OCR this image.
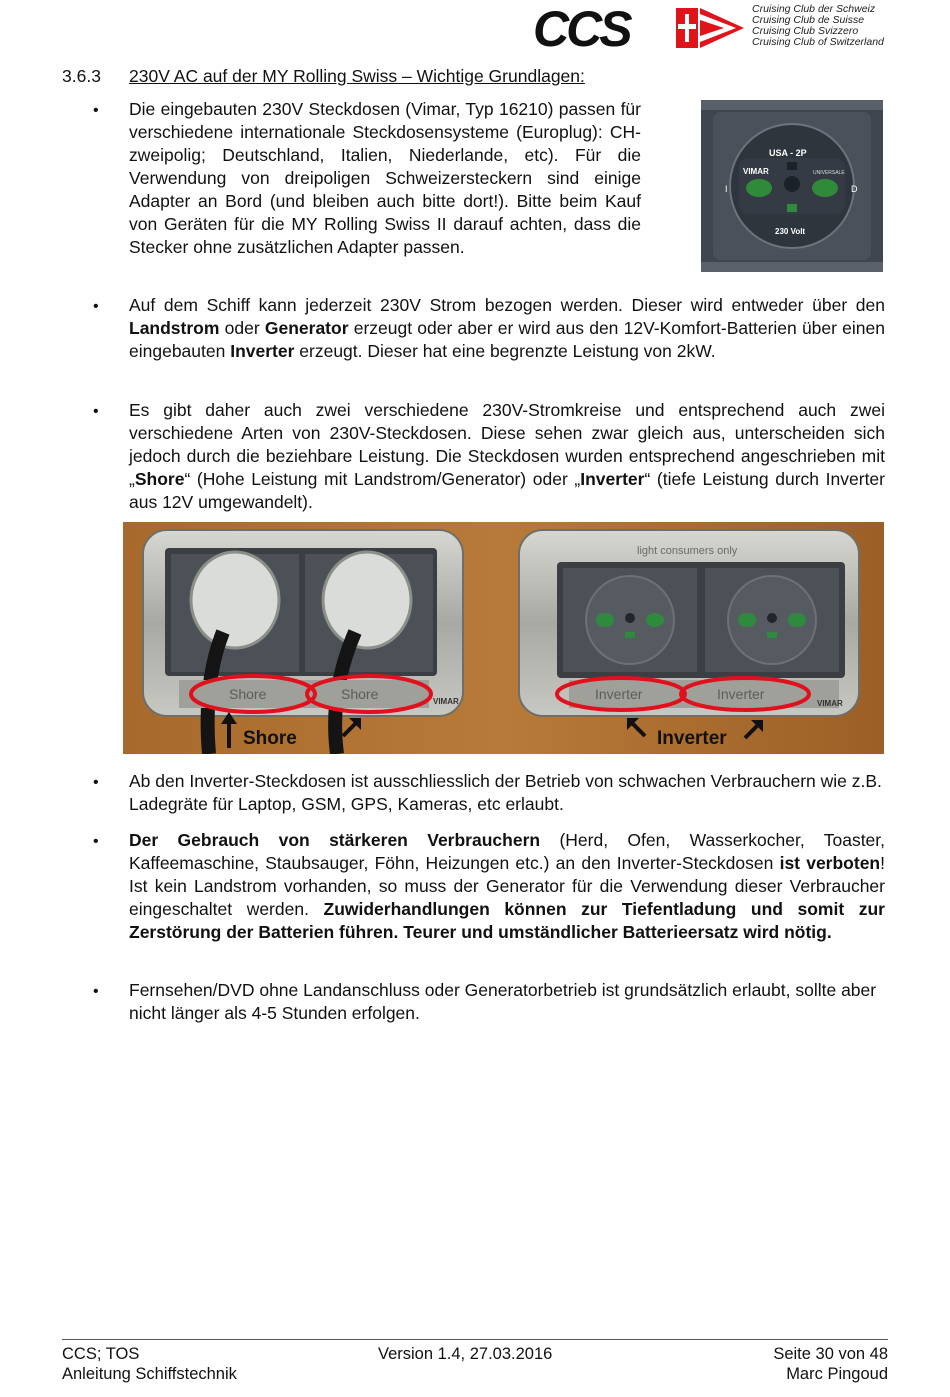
CCS	Cruising Club der Schweiz
Cruising Club de Suisse
Cruising Club Svizzero
Cruising Club of Switzerland
3.6.3 230V AC auf der MY Rolling Swiss – Wichtige Grundlagen:
• Die eingebauten 230V Steckdosen (Vimar, Typ 16210) passen für verschiedene internationale Steckdosensysteme (Europlug): CH-zweipolig; Deutschland, Italien, Niederlande, etc). Für die Verwendung von dreipoligen Schweizersteckern sind einige Adapter an Bord (und bleiben auch bitte dort!). Bitte beim Kauf von Geräten für die MY Rolling Swiss II darauf achten, dass die Stecker ohne zusätzlichen Adapter passen.
USA - 2P
VIMAR	UNIVERSALE
I	D
230 Volt
• Auf dem Schiff kann jederzeit 230V Strom bezogen werden. Dieser wird entweder über den Landstrom oder Generator erzeugt oder aber er wird aus den 12V-Komfort-Batterien über einen eingebauten Inverter erzeugt. Dieser hat eine begrenzte Leistung von 2kW.
• Es gibt daher auch zwei verschiedene 230V-Stromkreise und entsprechend auch zwei verschiedene Arten von 230V-Steckdosen. Diese sehen zwar gleich aus, unterscheiden sich jedoch durch die beziehbare Leistung. Die Steckdosen wurden entsprechend angeschrieben mit „Shore“ (Hohe Leistung mit Landstrom/Generator) oder „Inverter“ (tiefe Leistung durch Inverter aus 12V umgewandelt).
Shore	Shore	VIMAR
light consumers only
Inverter	Inverter
VIMAR
Shore	Inverter
• Ab den Inverter-Steckdosen ist ausschliesslich der Betrieb von schwachen Verbrauchern wie z.B. Ladegräte für Laptop, GSM, GPS, Kameras, etc erlaubt.
• Der Gebrauch von stärkeren Verbrauchern (Herd, Ofen, Wasserkocher, Toaster, Kaffeemaschine, Staubsauger, Föhn, Heizungen etc.) an den Inverter-Steckdosen ist verboten! Ist kein Landstrom vorhanden, so muss der Generator für die Verwendung dieser Verbraucher eingeschaltet werden. Zuwiderhandlungen können zur Tiefentladung und somit zur Zerstörung der Batterien führen. Teurer und umständlicher Batterieersatz wird nötig.
• Fernsehen/DVD ohne Landanschluss oder Generatorbetrieb ist grundsätzlich erlaubt, sollte aber nicht länger als 4-5 Stunden erfolgen.
CCS; TOS
Anleitung Schiffstechnik
Version 1.4, 27.03.2016	Seite 30 von 48
Marc Pingoud
